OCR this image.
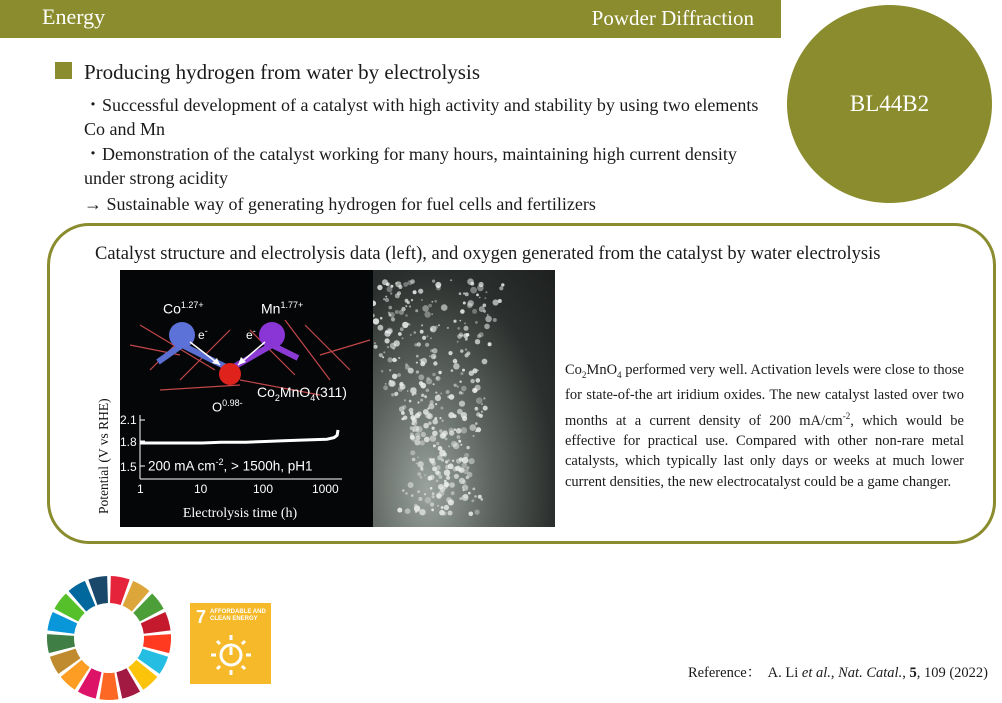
Energy	Powder Diffraction
BL44B2
Producing hydrogen from water by electrolysis
・Successful development of a catalyst with high activity and stability by using two elements Co and Mn
・Demonstration of the catalyst working for many hours, maintaining high current density under strong acidity
→ Sustainable way of generating hydrogen for fuel cells and fertilizers
Catalyst structure and electrolysis data (left), and oxygen generated from the catalyst by water electrolysis
$Co^{1.27+}$	$Mn^{1.77+}$
e-	e-
$O^{0.98-}$
$Co_2MnO_4(311)$
2.1
1.8
1.5
1	10	100	1000
200 mA $cm^{-2}$, > 1500h, pH1
Potential (V vs RHE)	Electrolysis time (h)
$Co_2MnO_4$ performed very well. Activation levels were close to those for state-of-the art iridium oxides. The new catalyst lasted over two months at a current density of 200 $mA/cm^{-2}$, which would be effective for practical use. Compared with other non-rare metal catalysts, which typically last only days or weeks at much lower current densities, the new electrocatalyst could be a game changer.
7 AFFORDABLE AND CLEAN ENERGY
Reference： A. Li et al., Nat. Catal., 5, 109 (2022)
